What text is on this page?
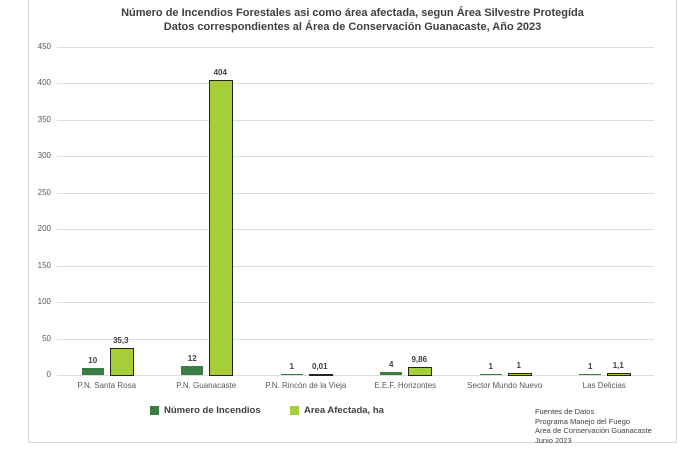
Número de Incendios Forestales asi como área afectada, segun Área Silvestre Protegída
Datos correspondientes al Área de Conservación Guanacaste, Año 2023
0
50
100
150
200
250
300
350
400
450
10
35,3
P.N. Santa Rosa
12
404
P.N. Guanacaste
1	0,01
P.N. Rincón de la Vieja
4
9,86
E.E.F. Horizontes
1	1
Sector Mundo Nuevo
1	1,1
Las Delicias
Número de Incendios	Area Afectada, ha	Fuentes de Datos
Programa Manejo del Fuego
Area de Conservación Guanacaste
Junio 2023
